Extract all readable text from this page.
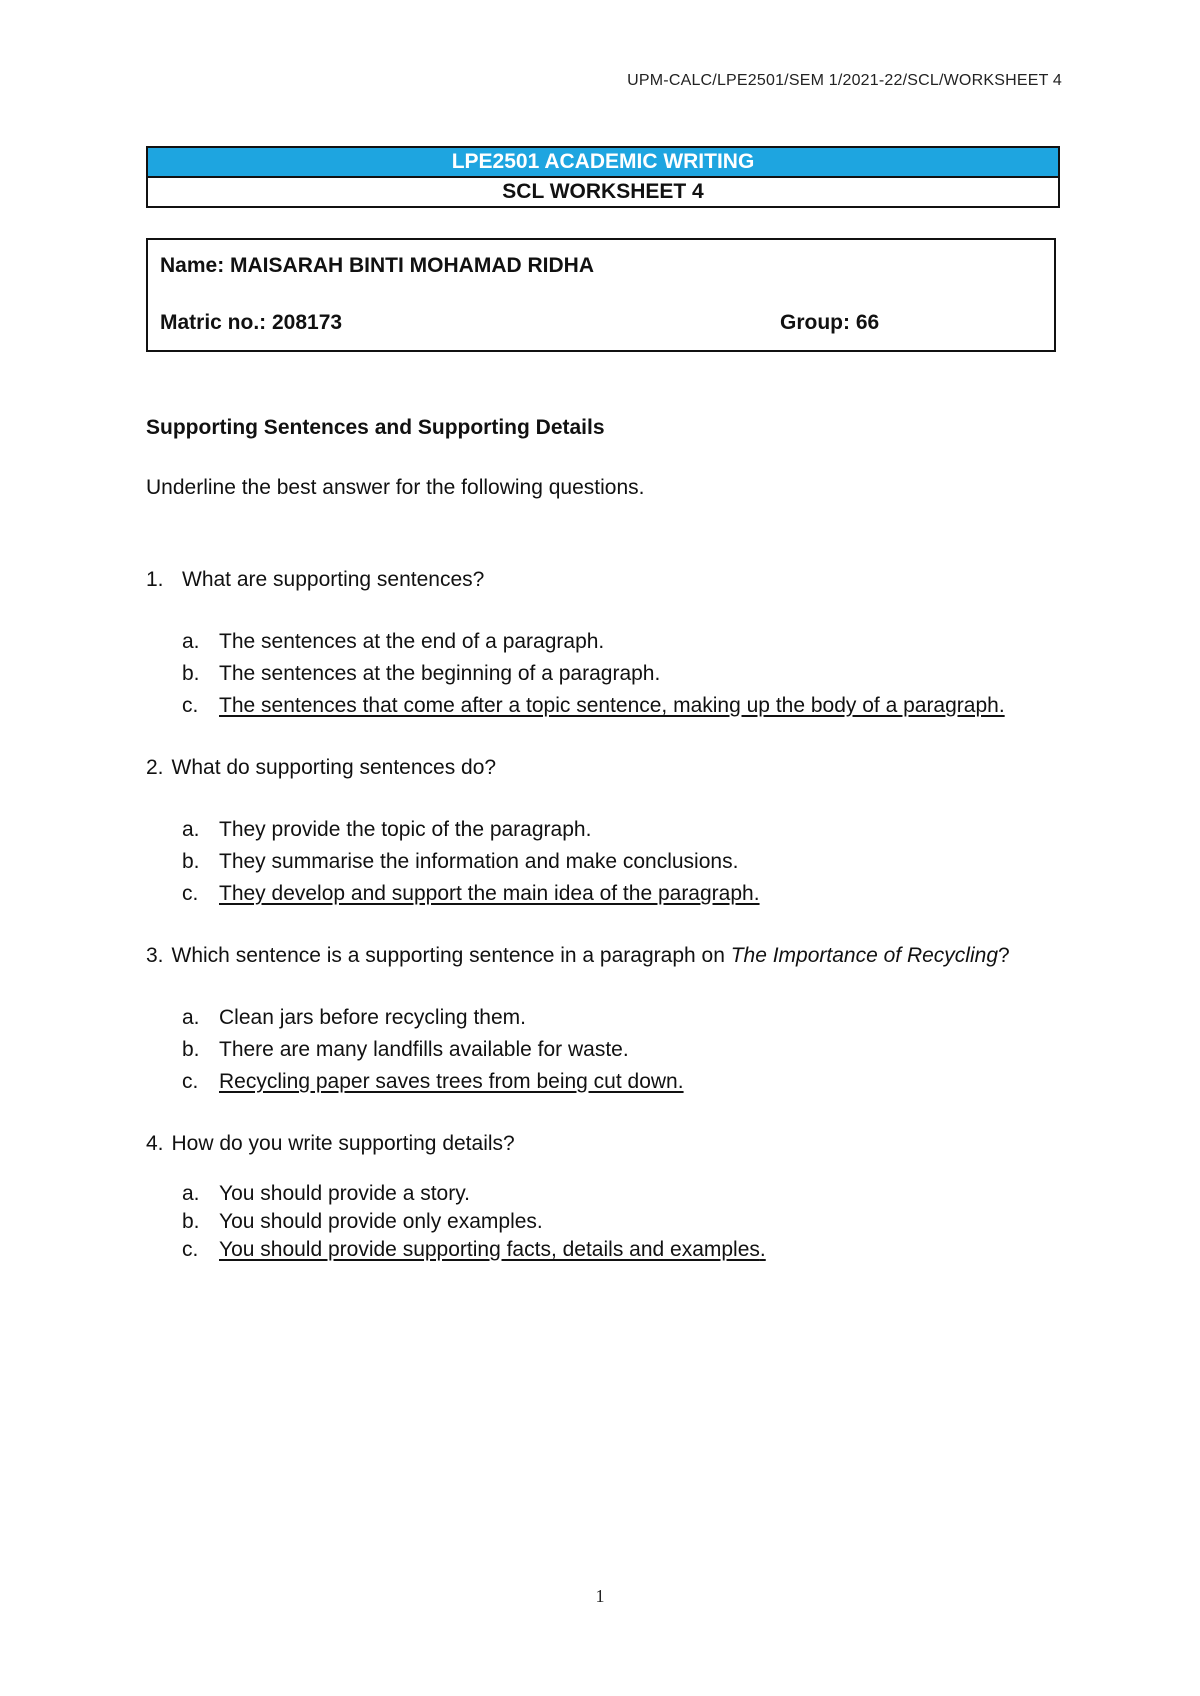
UPM-CALC/LPE2501/SEM 1/2021-22/SCL/WORKSHEET 4
LPE2501 ACADEMIC WRITING
SCL WORKSHEET 4
Name: MAISARAH BINTI MOHAMAD RIDHA
Matric no.: 208173	Group: 66

Supporting Sentences and Supporting Details

Underline the best answer for the following questions.

1. What are supporting sentences?
a. The sentences at the end of a paragraph.
b. The sentences at the beginning of a paragraph.
c. The sentences that come after a topic sentence, making up the body of a paragraph.
2. What do supporting sentences do?
a. They provide the topic of the paragraph.
b. They summarise the information and make conclusions.
c. They develop and support the main idea of the paragraph.
3. Which sentence is a supporting sentence in a paragraph on The Importance of Recycling?
a. Clean jars before recycling them.
b. There are many landfills available for waste.
c. Recycling paper saves trees from being cut down.
4. How do you write supporting details?
a. You should provide a story.
b. You should provide only examples.
c. You should provide supporting facts, details and examples.
1
